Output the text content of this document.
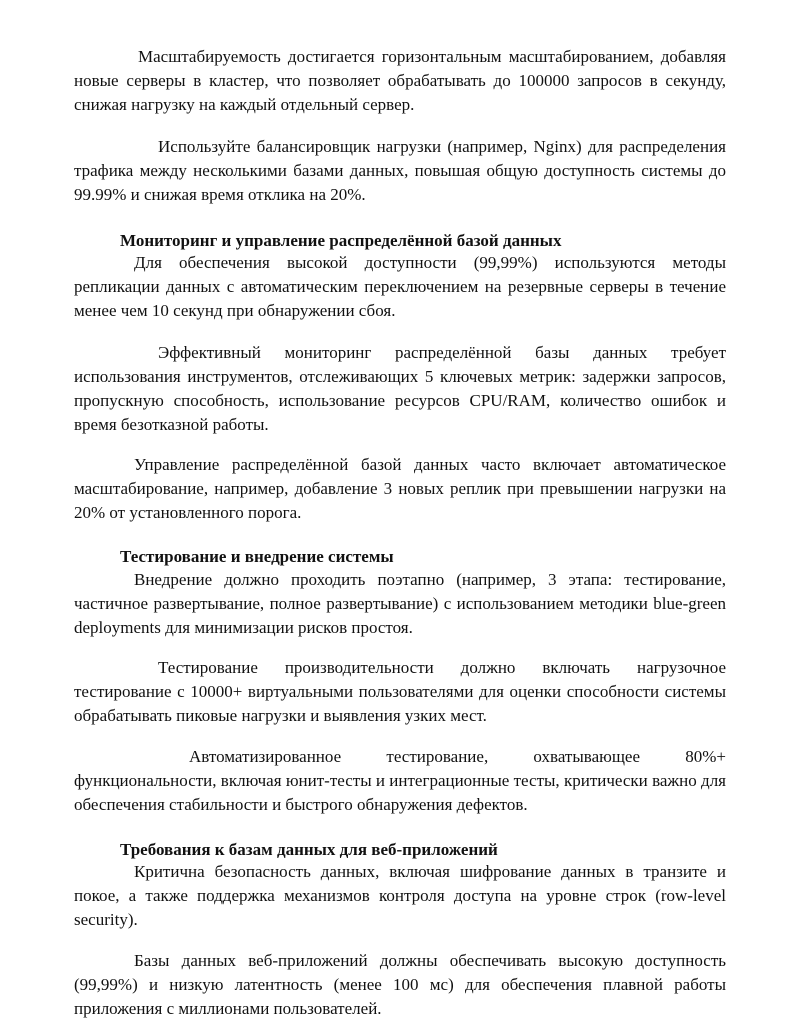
Масштабируемость достигается горизонтальным масштабированием, добавляя новые серверы в кластер, что позволяет обрабатывать до 100000 запросов в секунду, снижая нагрузку на каждый отдельный сервер.

Используйте балансировщик нагрузки (например, Nginx) для распределения трафика между несколькими базами данных, повышая общую доступность системы до 99.99% и снижая время отклика на 20%.

Мониторинг и управление распределённой базой данных

Для обеспечения высокой доступности (99,99%) используются методы репликации данных с автоматическим переключением на резервные серверы в течение менее чем 10 секунд при обнаружении сбоя.

Эффективный мониторинг распределённой базы данных требует использования инструментов, отслеживающих 5 ключевых метрик: задержки запросов, пропускную способность, использование ресурсов CPU/RAM, количество ошибок и время безотказной работы.

Управление распределённой базой данных часто включает автоматическое масштабирование, например, добавление 3 новых реплик при превышении нагрузки на 20% от установленного порога.

Тестирование и внедрение системы

Внедрение должно проходить поэтапно (например, 3 этапа: тестирование, частичное развертывание, полное развертывание) с использованием методики blue-green deployments для минимизации рисков простоя.

Тестирование производительности должно включать нагрузочное тестирование с 10000+ виртуальными пользователями для оценки способности системы обрабатывать пиковые нагрузки и выявления узких мест.

Автоматизированное тестирование, охватывающее 80%+ функциональности, включая юнит-тесты и интеграционные тесты, критически важно для обеспечения стабильности и быстрого обнаружения дефектов.

Требования к базам данных для веб-приложений

Критична безопасность данных, включая шифрование данных в транзите и покое, а также поддержка механизмов контроля доступа на уровне строк (row-level security).

Базы данных веб-приложений должны обеспечивать высокую доступность (99,99%) и низкую латентность (менее 100 мс) для обеспечения плавной работы приложения с миллионами пользователей.
